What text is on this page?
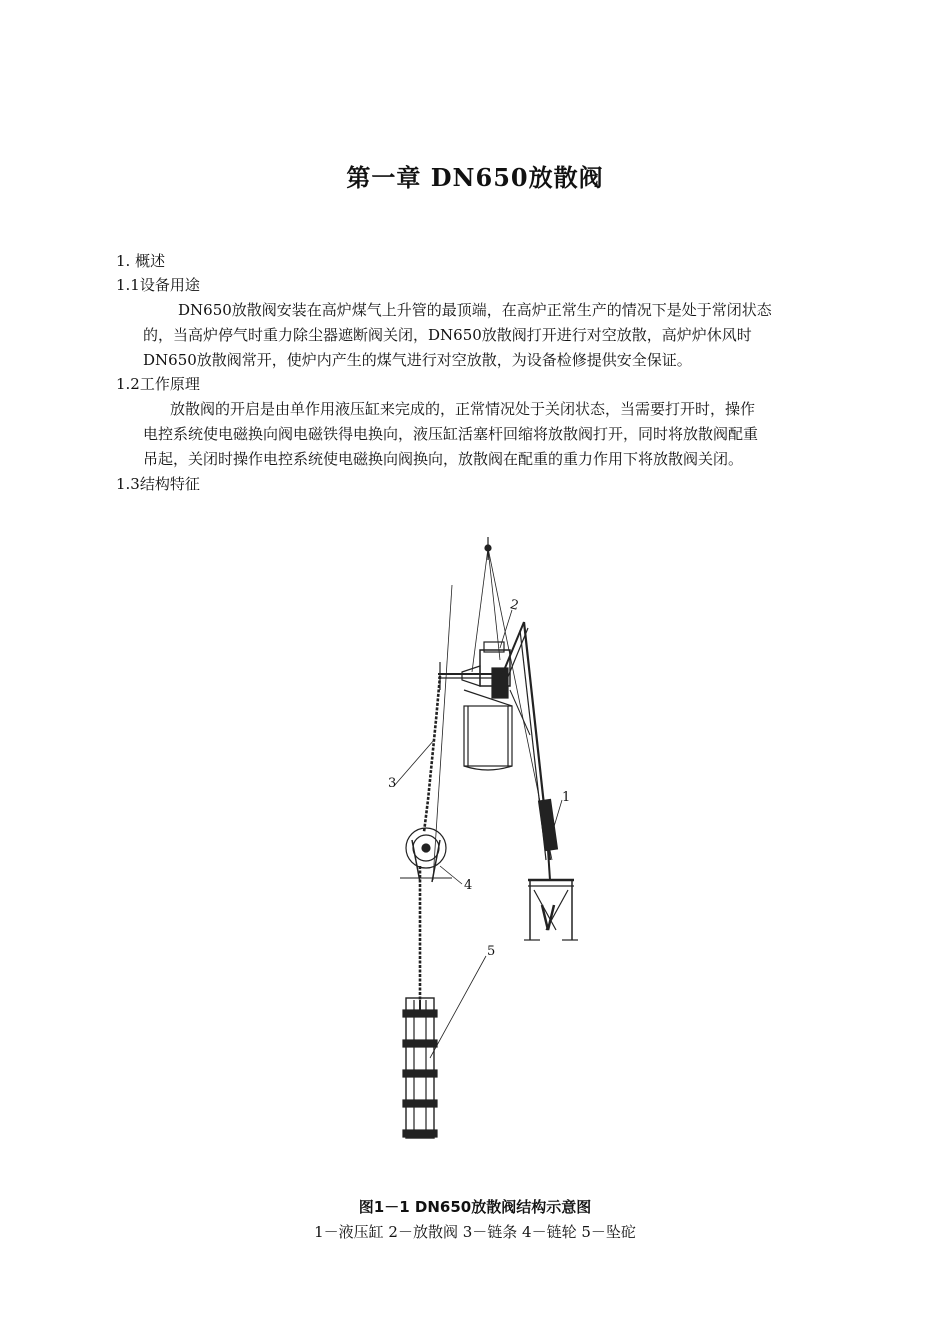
第一章 DN650放散阀
1. 概述
1.1设备用途
DN650放散阀安装在高炉煤气上升管的最顶端，在高炉正常生产的情况下是处于常闭状态
的，当高炉停气时重力除尘器遮断阀关闭，DN650放散阀打开进行对空放散，高炉炉休风时
DN650放散阀常开，使炉内产生的煤气进行对空放散，为设备检修提供安全保证。
1.2工作原理
放散阀的开启是由单作用液压缸来完成的，正常情况处于关闭状态，当需要打开时，操作
电控系统使电磁换向阀电磁铁得电换向，液压缸活塞杆回缩将放散阀打开，同时将放散阀配重
吊起，关闭时操作电控系统使电磁换向阀换向，放散阀在配重的重力作用下将放散阀关闭。
1.3结构特征
2
3
1
4
5
图1－1 DN650放散阀结构示意图
1－液压缸 2－放散阀 3－链条 4－链轮 5－坠砣
